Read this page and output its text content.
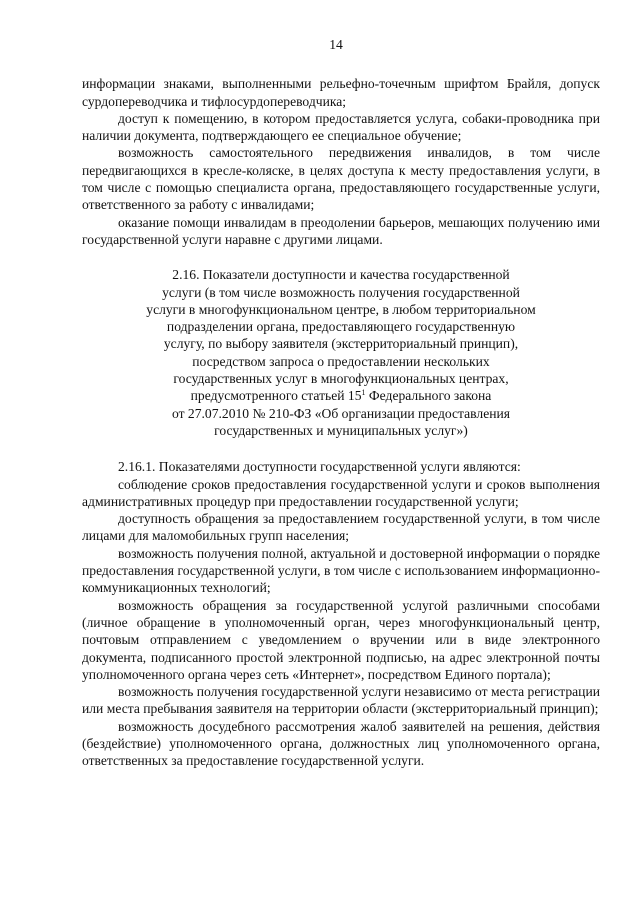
14

информации знаками, выполненными рельефно-точечным шрифтом Брайля, допуск сурдопереводчика и тифлосурдопереводчика;

доступ к помещению, в котором предоставляется услуга, собаки-проводника при наличии документа, подтверждающего ее специальное обучение;

возможность самостоятельного передвижения инвалидов, в том числе передвигающихся в кресле-коляске, в целях доступа к месту предоставления услуги, в том числе с помощью специалиста органа, предоставляющего государственные услуги, ответственного за работу с инвалидами;

оказание помощи инвалидам в преодолении барьеров, мешающих получению ими государственной услуги наравне с другими лицами.

2.16. Показатели доступности и качества государственной
услуги (в том числе возможность получения государственной
услуги в многофункциональном центре, в любом территориальном
подразделении органа, предоставляющего государственную
услугу, по выбору заявителя (экстерриториальный принцип),
посредством запроса о предоставлении нескольких
государственных услуг в многофункциональных центрах,
предусмотренного статьей $15^1$ Федерального закона
от 27.07.2010 № 210-ФЗ «Об организации предоставления
государственных и муниципальных услуг»)

2.16.1. Показателями доступности государственной услуги являются:

соблюдение сроков предоставления государственной услуги и сроков выполнения административных процедур при предоставлении государственной услуги;

доступность обращения за предоставлением государственной услуги, в том числе лицами для маломобильных групп населения;

возможность получения полной, актуальной и достоверной информации о порядке предоставления государственной услуги, в том числе с использованием информационно-коммуникационных технологий;

возможность обращения за государственной услугой различными способами (личное обращение в уполномоченный орган, через многофункциональный центр, почтовым отправлением с уведомлением о вручении или в виде электронного документа, подписанного простой электронной подписью, на адрес электронной почты уполномоченного органа через сеть «Интернет», посредством Единого портала);

возможность получения государственной услуги независимо от места регистрации или места пребывания заявителя на территории области (экстерриториальный принцип);

возможность досудебного рассмотрения жалоб заявителей на решения, действия (бездействие) уполномоченного органа, должностных лиц уполномоченного органа, ответственных за предоставление государственной услуги.
